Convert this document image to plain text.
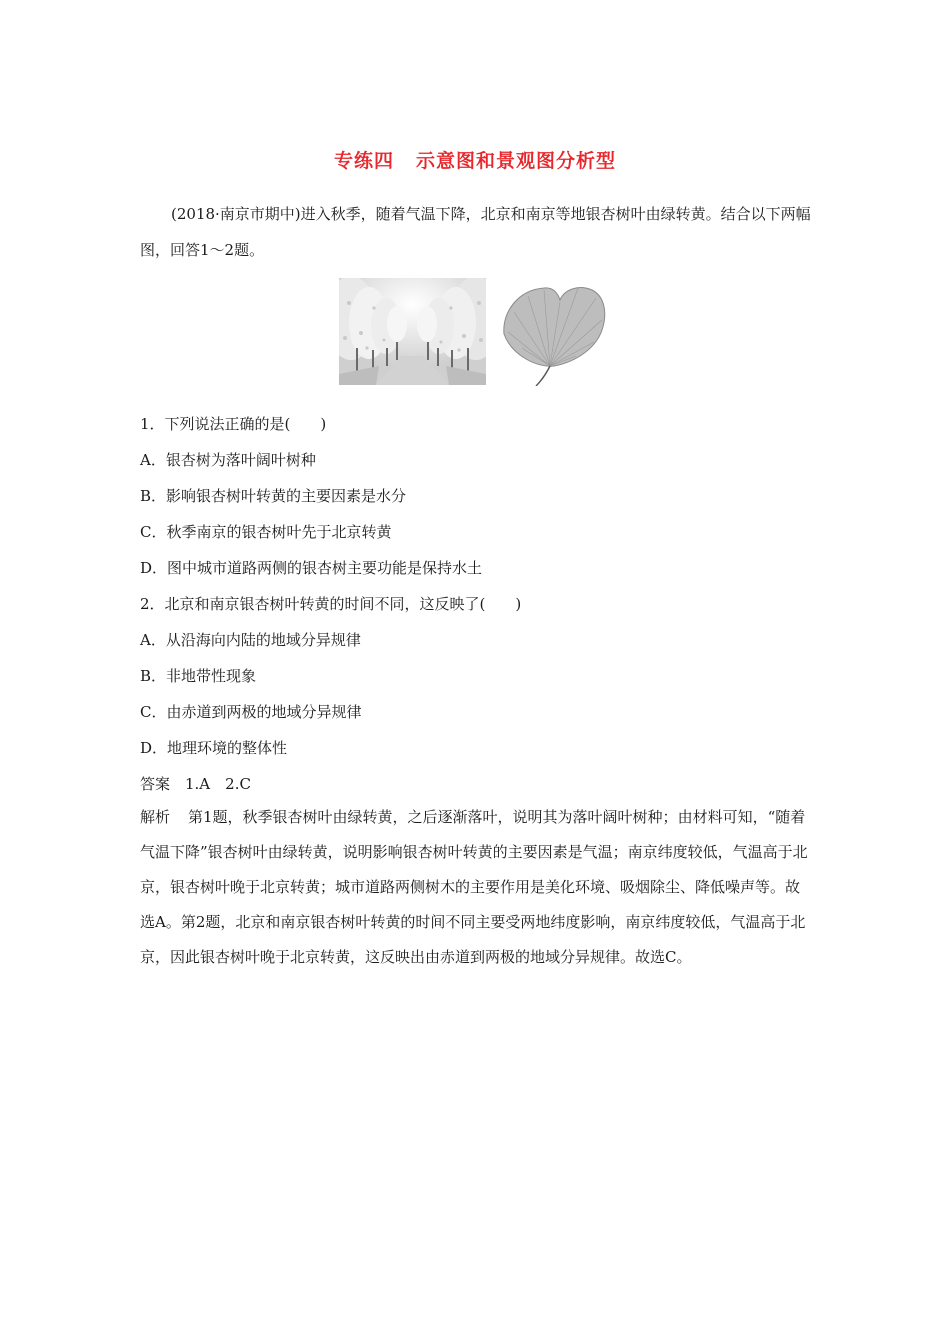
专练四 示意图和景观图分析型
(2018·南京市期中)进入秋季，随着气温下降，北京和南京等地银杏树叶由绿转黄。结合以下两幅图，回答1～2题。
1．下列说法正确的是(　　)
A．银杏树为落叶阔叶树种
B．影响银杏树叶转黄的主要因素是水分
C．秋季南京的银杏树叶先于北京转黄
D．图中城市道路两侧的银杏树主要功能是保持水土
2．北京和南京银杏树叶转黄的时间不同，这反映了(　　)
A．从沿海向内陆的地域分异规律
B．非地带性现象
C．由赤道到两极的地域分异规律
D．地理环境的整体性
答案　1.A　2.C
解析 第1题，秋季银杏树叶由绿转黄，之后逐渐落叶，说明其为落叶阔叶树种；由材料可知，“随着气温下降”银杏树叶由绿转黄，说明影响银杏树叶转黄的主要因素是气温；南京纬度较低，气温高于北京，银杏树叶晚于北京转黄；城市道路两侧树木的主要作用是美化环境、吸烟除尘、降低噪声等。故选A。第2题，北京和南京银杏树叶转黄的时间不同主要受两地纬度影响，南京纬度较低，气温高于北京，因此银杏树叶晚于北京转黄，这反映出由赤道到两极的地域分异规律。故选C。
